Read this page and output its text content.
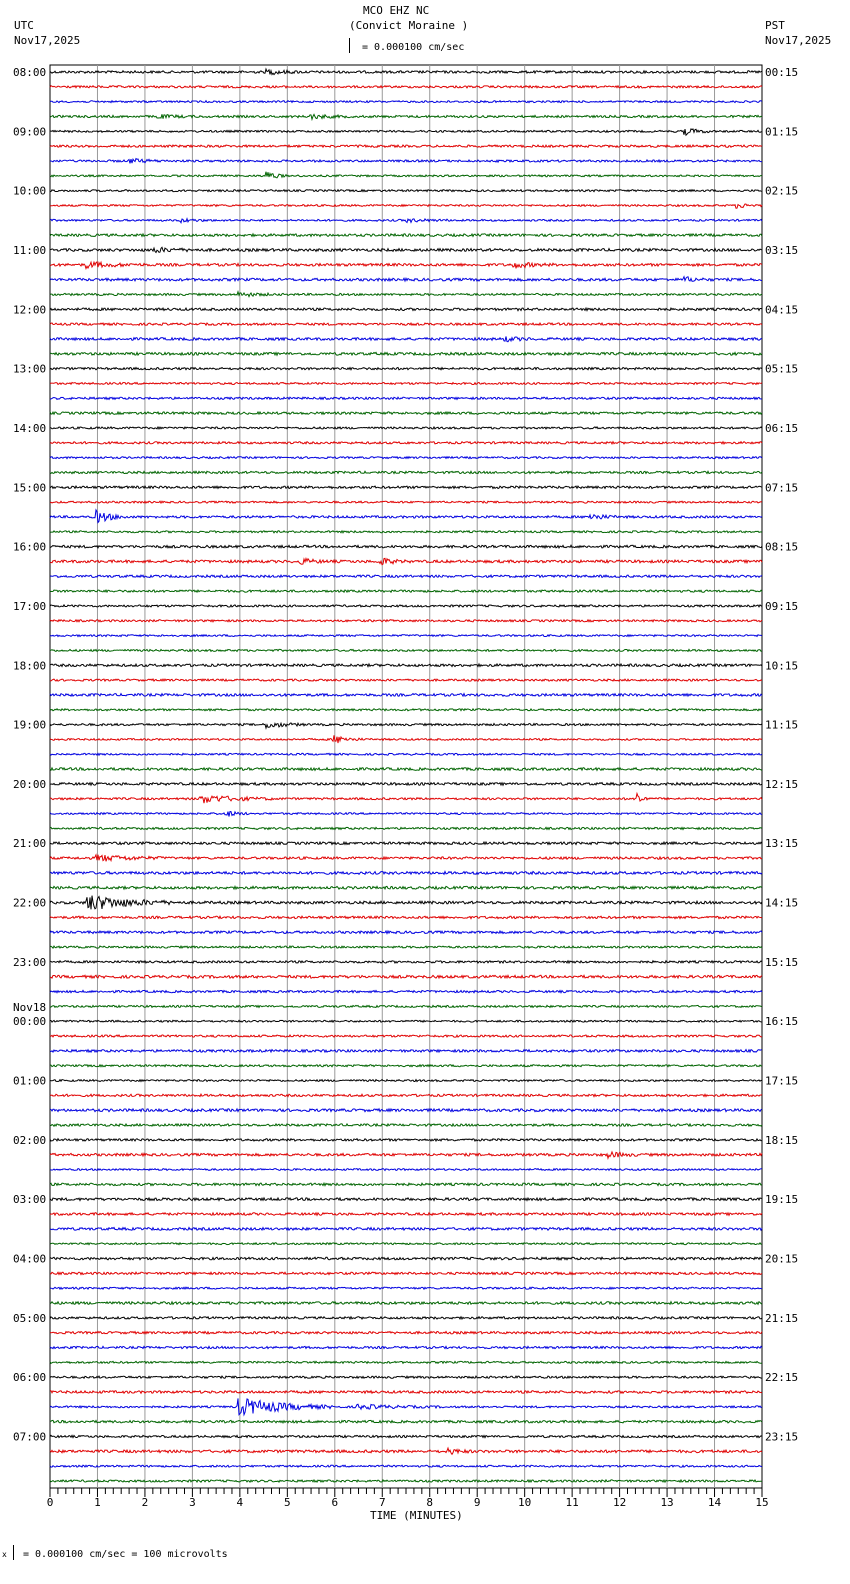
MCO EHZ NC
(Convict Moraine )
UTC
Nov17,2025
PST
Nov17,2025
= 0.000100 cm/sec
08:00	00:15
09:00	01:15
10:00	02:15
11:00	03:15
12:00	04:15
13:00	05:15
14:00	06:15
15:00	07:15
16:00	08:15
17:00	09:15
18:00	10:15
19:00	11:15
20:00	12:15
21:00	13:15
22:00	14:15
23:00	15:15
00:00	16:15
01:00	17:15
02:00	18:15
03:00	19:15
04:00	20:15
05:00	21:15
06:00	22:15
07:00	23:15
Nov18
0	1	2	3	4	5	6	7	8	9	10	11	12	13	14	15
TIME (MINUTES)
x = 0.000100 cm/sec = 100 microvolts
